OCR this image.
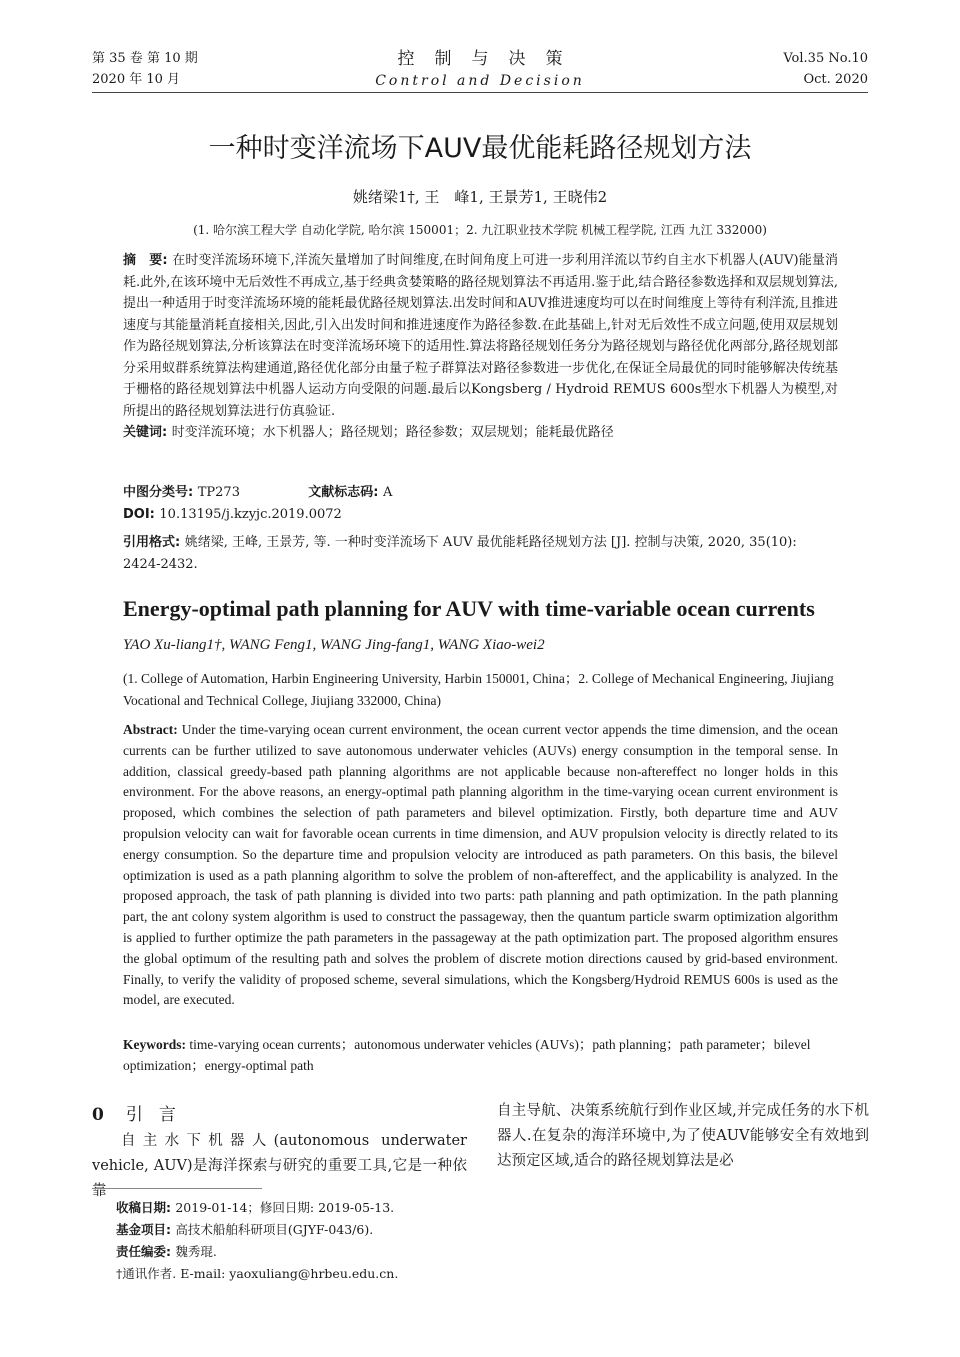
第 35 卷 第 10 期
2020 年 10 月
控制与决策
Control and Decision
Vol.35 No.10
Oct. 2020
一种时变洋流场下AUV最优能耗路径规划方法
姚绪梁1†, 王　峰1, 王景芳1, 王晓伟2
(1. 哈尔滨工程大学 自动化学院, 哈尔滨 150001；2. 九江职业技术学院 机械工程学院, 江西 九江 332000)
摘　要: 在时变洋流场环境下,洋流矢量增加了时间维度,在时间角度上可进一步利用洋流以节约自主水下机器人(AUV)能量消耗.此外,在该环境中无后效性不再成立,基于经典贪婪策略的路径规划算法不再适用.鉴于此,结合路径参数选择和双层规划算法,提出一种适用于时变洋流场环境的能耗最优路径规划算法.出发时间和AUV推进速度均可以在时间维度上等待有利洋流,且推进速度与其能量消耗直接相关,因此,引入出发时间和推进速度作为路径参数.在此基础上,针对无后效性不成立问题,使用双层规划作为路径规划算法,分析该算法在时变洋流场环境下的适用性.算法将路径规划任务分为路径规划与路径优化两部分,路径规划部分采用蚁群系统算法构建通道,路径优化部分由量子粒子群算法对路径参数进一步优化,在保证全局最优的同时能够解决传统基于栅格的路径规划算法中机器人运动方向受限的问题.最后以Kongsberg / Hydroid REMUS 600s型水下机器人为模型,对所提出的路径规划算法进行仿真验证.
关键词: 时变洋流环境；水下机器人；路径规划；路径参数；双层规划；能耗最优路径
中图分类号: TP273	文献标志码: A
DOI: 10.13195/j.kzyjc.2019.0072
引用格式: 姚绪梁, 王峰, 王景芳, 等. 一种时变洋流场下 AUV 最优能耗路径规划方法 [J]. 控制与决策, 2020, 35(10): 2424-2432.
Energy-optimal path planning for AUV with time-variable ocean currents
YAO Xu-liang1†, WANG Feng1, WANG Jing-fang1, WANG Xiao-wei2
(1. College of Automation, Harbin Engineering University, Harbin 150001, China；2. College of Mechanical Engineering, Jiujiang Vocational and Technical College, Jiujiang 332000, China)
Abstract: Under the time-varying ocean current environment, the ocean current vector appends the time dimension, and the ocean currents can be further utilized to save autonomous underwater vehicles (AUVs) energy consumption in the temporal sense. In addition, classical greedy-based path planning algorithms are not applicable because non-aftereffect no longer holds in this environment. For the above reasons, an energy-optimal path planning algorithm in the time-varying ocean current environment is proposed, which combines the selection of path parameters and bilevel optimization. Firstly, both departure time and AUV propulsion velocity can wait for favorable ocean currents in time dimension, and AUV propulsion velocity is directly related to its energy consumption. So the departure time and propulsion velocity are introduced as path parameters. On this basis, the bilevel optimization is used as a path planning algorithm to solve the problem of non-aftereffect, and the applicability is analyzed. In the proposed approach, the task of path planning is divided into two parts: path planning and path optimization. In the path planning part, the ant colony system algorithm is used to construct the passageway, then the quantum particle swarm optimization algorithm is applied to further optimize the path parameters in the passageway at the path optimization part. The proposed algorithm ensures the global optimum of the resulting path and solves the problem of discrete motion directions caused by grid-based environment. Finally, to verify the validity of proposed scheme, several simulations, which the Kongsberg/Hydroid REMUS 600s is used as the model, are executed.
Keywords: time-varying ocean currents；autonomous underwater vehicles (AUVs)；path planning；path parameter；bilevel optimization；energy-optimal path
0 引言
自主水下机器人(autonomous underwater vehicle, AUV)是海洋探索与研究的重要工具,它是一种依靠
自主导航、决策系统航行到作业区域,并完成任务的水下机器人.在复杂的海洋环境中,为了使AUV能够安全有效地到达预定区域,适合的路径规划算法是必
收稿日期: 2019-01-14；修回日期: 2019-05-13.
基金项目: 高技术船舶科研项目(GJYF-043/6).
责任编委: 魏秀琨.
†通讯作者. E-mail: yaoxuliang@hrbeu.edu.cn.
